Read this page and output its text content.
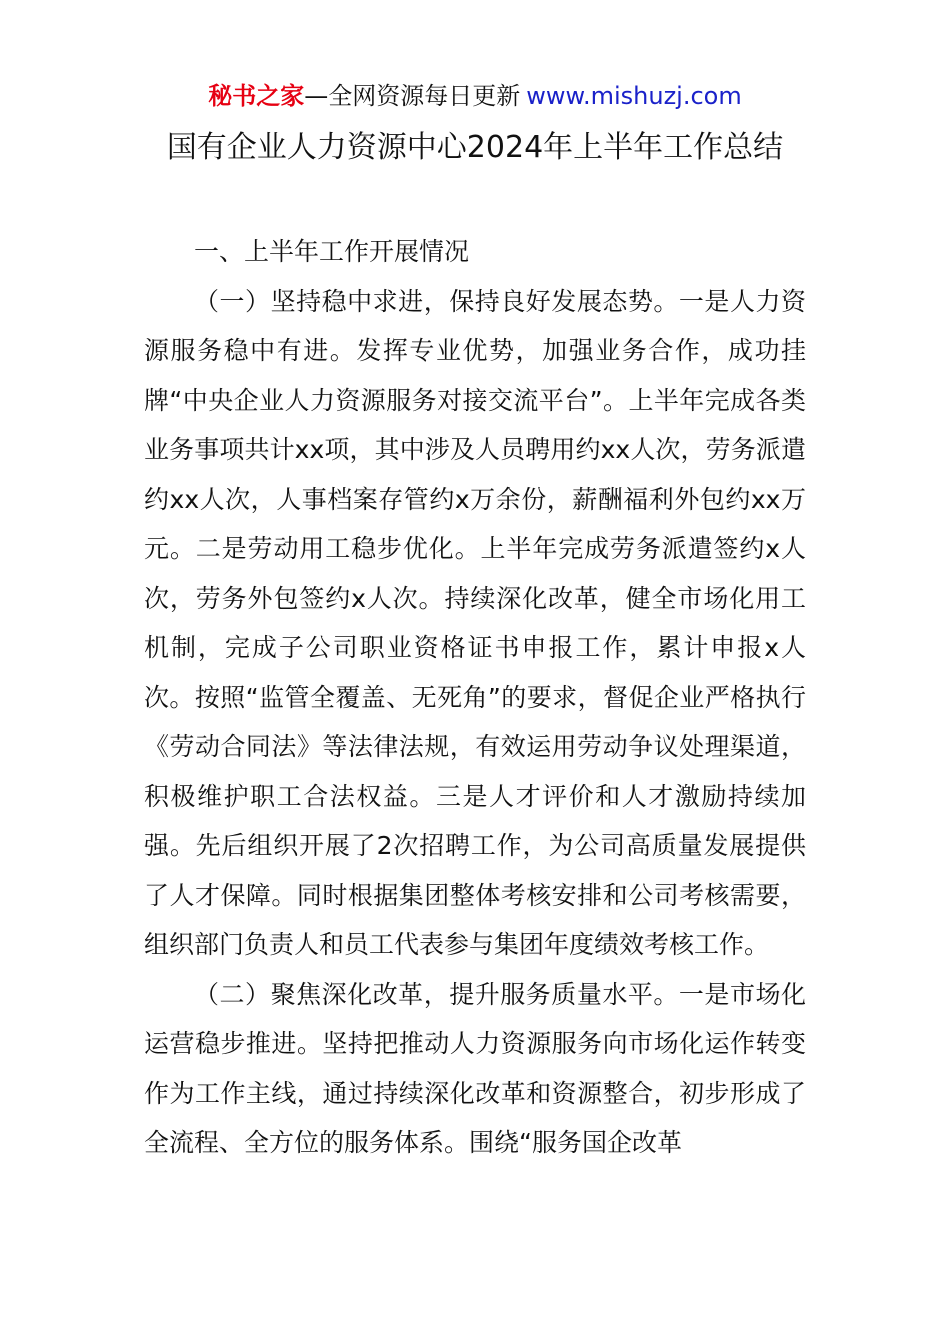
秘书之家—全网资源每日更新 www.mishuzj.com
国有企业人力资源中心2024年上半年工作总结

一、上半年工作开展情况

（一）坚持稳中求进，保持良好发展态势。一是人力资源服务稳中有进。发挥专业优势，加强业务合作，成功挂牌“中央企业人力资源服务对接交流平台”。上半年完成各类业务事项共计xx项，其中涉及人员聘用约xx人次，劳务派遣约xx人次，人事档案存管约x万余份，薪酬福利外包约xx万元。二是劳动用工稳步优化。上半年完成劳务派遣签约x人次，劳务外包签约x人次。持续深化改革，健全市场化用工机制，完成子公司职业资格证书申报工作，累计申报x人次。按照“监管全覆盖、无死角”的要求，督促企业严格执行《劳动合同法》等法律法规，有效运用劳动争议处理渠道，积极维护职工合法权益。三是人才评价和人才激励持续加强。先后组织开展了2次招聘工作，为公司高质量发展提供了人才保障。同时根据集团整体考核安排和公司考核需要，组织部门负责人和员工代表参与集团年度绩效考核工作。

（二）聚焦深化改革，提升服务质量水平。一是市场化运营稳步推进。坚持把推动人力资源服务向市场化运作转变作为工作主线，通过持续深化改革和资源整合，初步形成了全流程、全方位的服务体系。围绕“服务国企改革
